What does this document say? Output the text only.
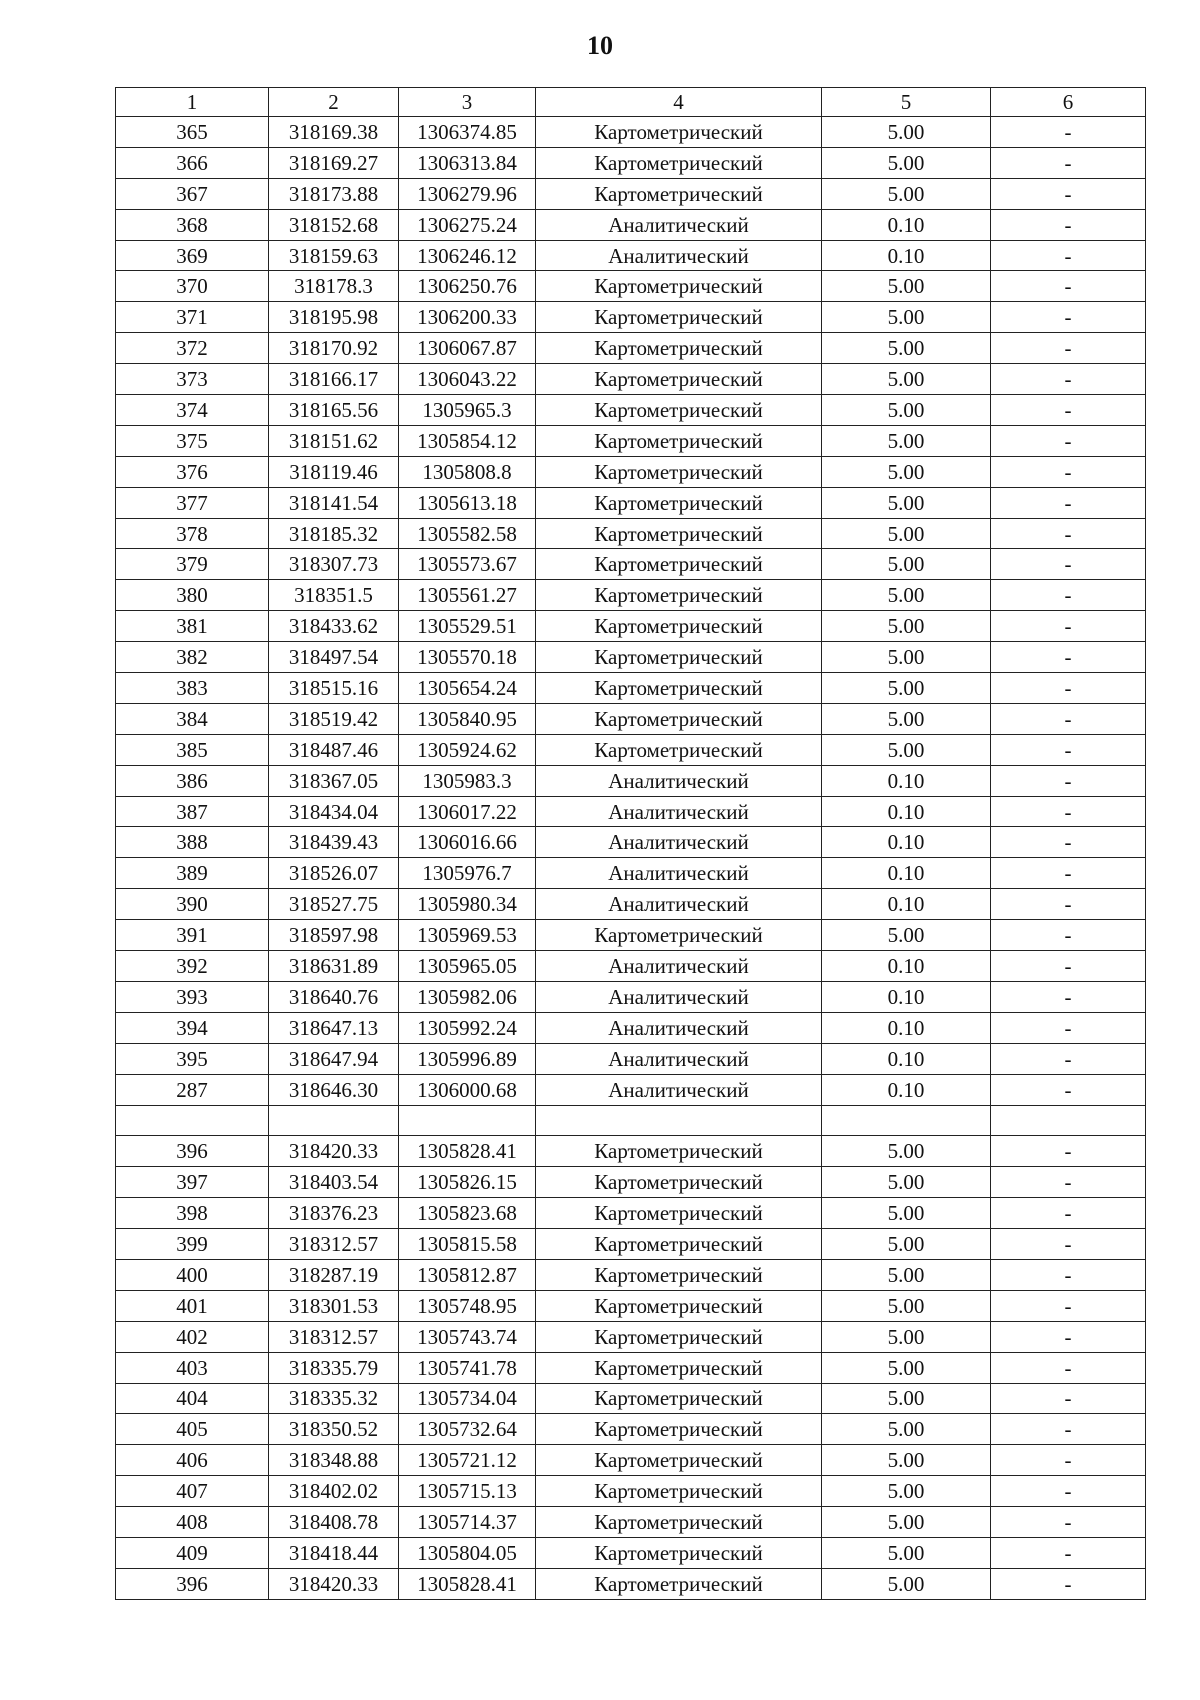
10
1	2	3	4	5	6
365	318169.38	1306374.85	Картометрический	5.00	-
366	318169.27	1306313.84	Картометрический	5.00	-
367	318173.88	1306279.96	Картометрический	5.00	-
368	318152.68	1306275.24	Аналитический	0.10	-
369	318159.63	1306246.12	Аналитический	0.10	-
370	318178.3	1306250.76	Картометрический	5.00	-
371	318195.98	1306200.33	Картометрический	5.00	-
372	318170.92	1306067.87	Картометрический	5.00	-
373	318166.17	1306043.22	Картометрический	5.00	-
374	318165.56	1305965.3	Картометрический	5.00	-
375	318151.62	1305854.12	Картометрический	5.00	-
376	318119.46	1305808.8	Картометрический	5.00	-
377	318141.54	1305613.18	Картометрический	5.00	-
378	318185.32	1305582.58	Картометрический	5.00	-
379	318307.73	1305573.67	Картометрический	5.00	-
380	318351.5	1305561.27	Картометрический	5.00	-
381	318433.62	1305529.51	Картометрический	5.00	-
382	318497.54	1305570.18	Картометрический	5.00	-
383	318515.16	1305654.24	Картометрический	5.00	-
384	318519.42	1305840.95	Картометрический	5.00	-
385	318487.46	1305924.62	Картометрический	5.00	-
386	318367.05	1305983.3	Аналитический	0.10	-
387	318434.04	1306017.22	Аналитический	0.10	-
388	318439.43	1306016.66	Аналитический	0.10	-
389	318526.07	1305976.7	Аналитический	0.10	-
390	318527.75	1305980.34	Аналитический	0.10	-
391	318597.98	1305969.53	Картометрический	5.00	-
392	318631.89	1305965.05	Аналитический	0.10	-
393	318640.76	1305982.06	Аналитический	0.10	-
394	318647.13	1305992.24	Аналитический	0.10	-
395	318647.94	1305996.89	Аналитический	0.10	-
287	318646.30	1306000.68	Аналитический	0.10	-

396	318420.33	1305828.41	Картометрический	5.00	-
397	318403.54	1305826.15	Картометрический	5.00	-
398	318376.23	1305823.68	Картометрический	5.00	-
399	318312.57	1305815.58	Картометрический	5.00	-
400	318287.19	1305812.87	Картометрический	5.00	-
401	318301.53	1305748.95	Картометрический	5.00	-
402	318312.57	1305743.74	Картометрический	5.00	-
403	318335.79	1305741.78	Картометрический	5.00	-
404	318335.32	1305734.04	Картометрический	5.00	-
405	318350.52	1305732.64	Картометрический	5.00	-
406	318348.88	1305721.12	Картометрический	5.00	-
407	318402.02	1305715.13	Картометрический	5.00	-
408	318408.78	1305714.37	Картометрический	5.00	-
409	318418.44	1305804.05	Картометрический	5.00	-
396	318420.33	1305828.41	Картометрический	5.00	-
